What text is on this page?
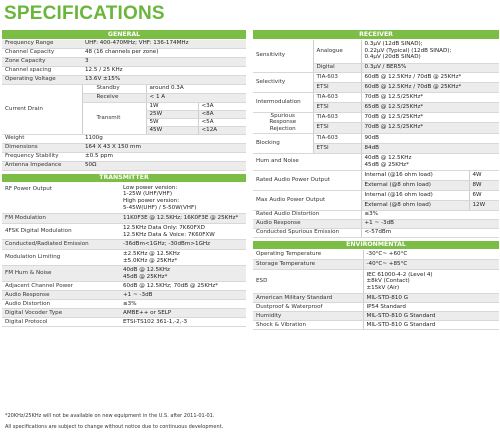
SPECIFICATIONS
GENERAL			
Frequency Range	UHF: 400-470MHz; VHF: 136-174MHz		
Channel Capacity	48 (16 channels per zone)		
Zone Capacity	3		
Channel spacing	12.5 / 25 KHz		
Operating Voltage	13.6V ±15%		
Current Drain	Standby	around 0.3A	
	Receive	< 1 A	
	Transmit	1W	<3A
		25W	<8A
		5W	<5A
		45W	<12A
Weight	1100g		
Dimensions	164 X 43 X 150 mm		
Frequency Stability	±0.5 ppm		
Antenna Impedance	50Ω		
TRANSMITTER	
RF Power Output	Low power version:
1-25W (UHF/VHF)
High power version:
5-45W(UHF) / 5-50W(VHF)

FM Modulation	11K0F3E @ 12.5KHz; 16K0F3E @ 25KHz*
4FSK Digital Modulation	12.5KHz Data Only: 7K60FXD
12.5KHz Data & Voice: 7K60FXW

Conducted/Radiated Emission	-36dBm<1GHz; -30dBm>1GHz
Modulation Limiting	±2.5KHz @ 12.5KHz
±5.0KHz @ 25KHz*

FM Hum & Noise	40dB @ 12.5KHz
45dB @ 25KHz*

Adjacent Channel Power	60dB @ 12.5KHz; 70dB @ 25KHz*
Audio Response	+1 ~ -3dB
Audio Distortion	≤3%
Digital Vocoder Type	AMBE++ or SELP
Digital Protocol	ETSI-TS102 361-1,-2,-3
RECEIVER			
Sensitivity	Analogue	0.3μV (12dB SINAD);
0.22μV (Typical) (12dB SINAD);
0.4μV (20dB SINAD)	

	Digital	0.3μV / BER5%	
Selectivity	TIA-603	60dB @ 12.5KHz / 70dB @ 25KHz*	
	ETSI	60dB @ 12.5KHz / 70dB @ 25KHz*	
Intermodulation	TIA-603	70dB @ 12.5/25KHz*	
	ETSI	65dB @ 12.5/25KHz*	

Spurious
Response
Rejection	TIA-603	70dB @ 12.5/25KHz*	
	ETSI	70dB @ 12.5/25KHz*	
Blocking	TIA-603	90dB	
	ETSI	84dB	
Hum and Noise		40dB @ 12.5KHz
45dB @ 25KHz*	

Rated Audio Power Output		Internal (@16 ohm load)	4W
		External (@8 ohm load)	8W
Max Audio Power Output		Internal (@16 ohm load)	6W
		External (@8 ohm load)	12W
Rated Audio Distortion		≤3%	
Audio Response		+1 ~ -3dB	
Conducted Spurious Emission		<-57dBm	
ENVIRONMENTAL	
Operating Temperature	-30°C~ +60°C
Storage Temperature	-40°C~ +85°C
ESD	IEC 61000-4-2 (Level 4)
±8kV (Contact)
±15kV (Air)

American Military Standard	MIL-STD-810 G
Dustproof & Waterproof	IP54 Standard
Humidity	MIL-STD-810 G Standard
Shock & Vibration	MIL-STD-810 G Standard
*20KHz/25KHz will not be available on new equipment in the U.S. after 2011-01-01.
All specifications are subject to change without notice due to continuous development.
